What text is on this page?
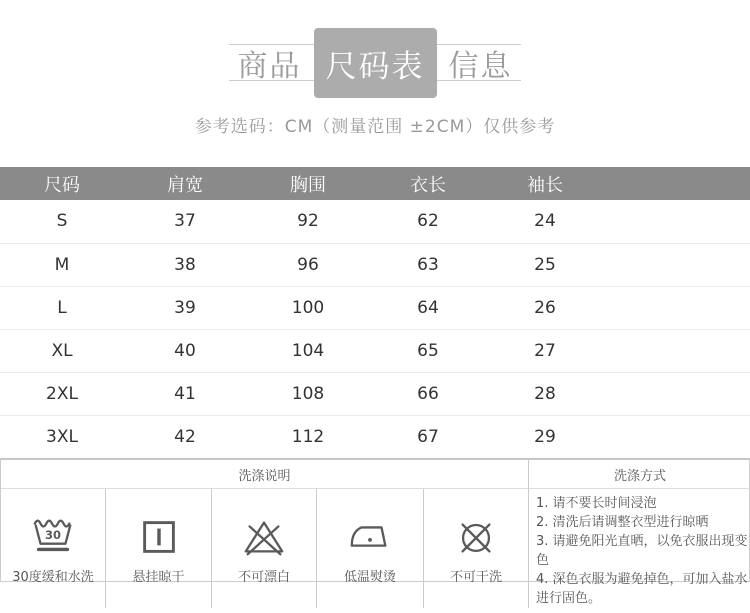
商品 尺码表 信息
参考选码：CM（测量范围 ±2CM）仅供参考
尺码	肩宽	胸围	衣长	袖长	
S	37	92	62	24	
M	38	96	63	25	
L	39	100	64	26	
XL	40	104	65	27	
2XL	41	108	66	28	
3XL	42	112	67	29	
洗涤说明	洗涤方式
30
30度缓和水洗	悬挂晾干	不可漂白	低温熨烫	不可干洗
1. 请不要长时间浸泡
2. 清洗后请调整衣型进行晾晒
3. 请避免阳光直晒，以免衣服出现变色
4. 深色衣服为避免掉色，可加入盐水进行固色。
